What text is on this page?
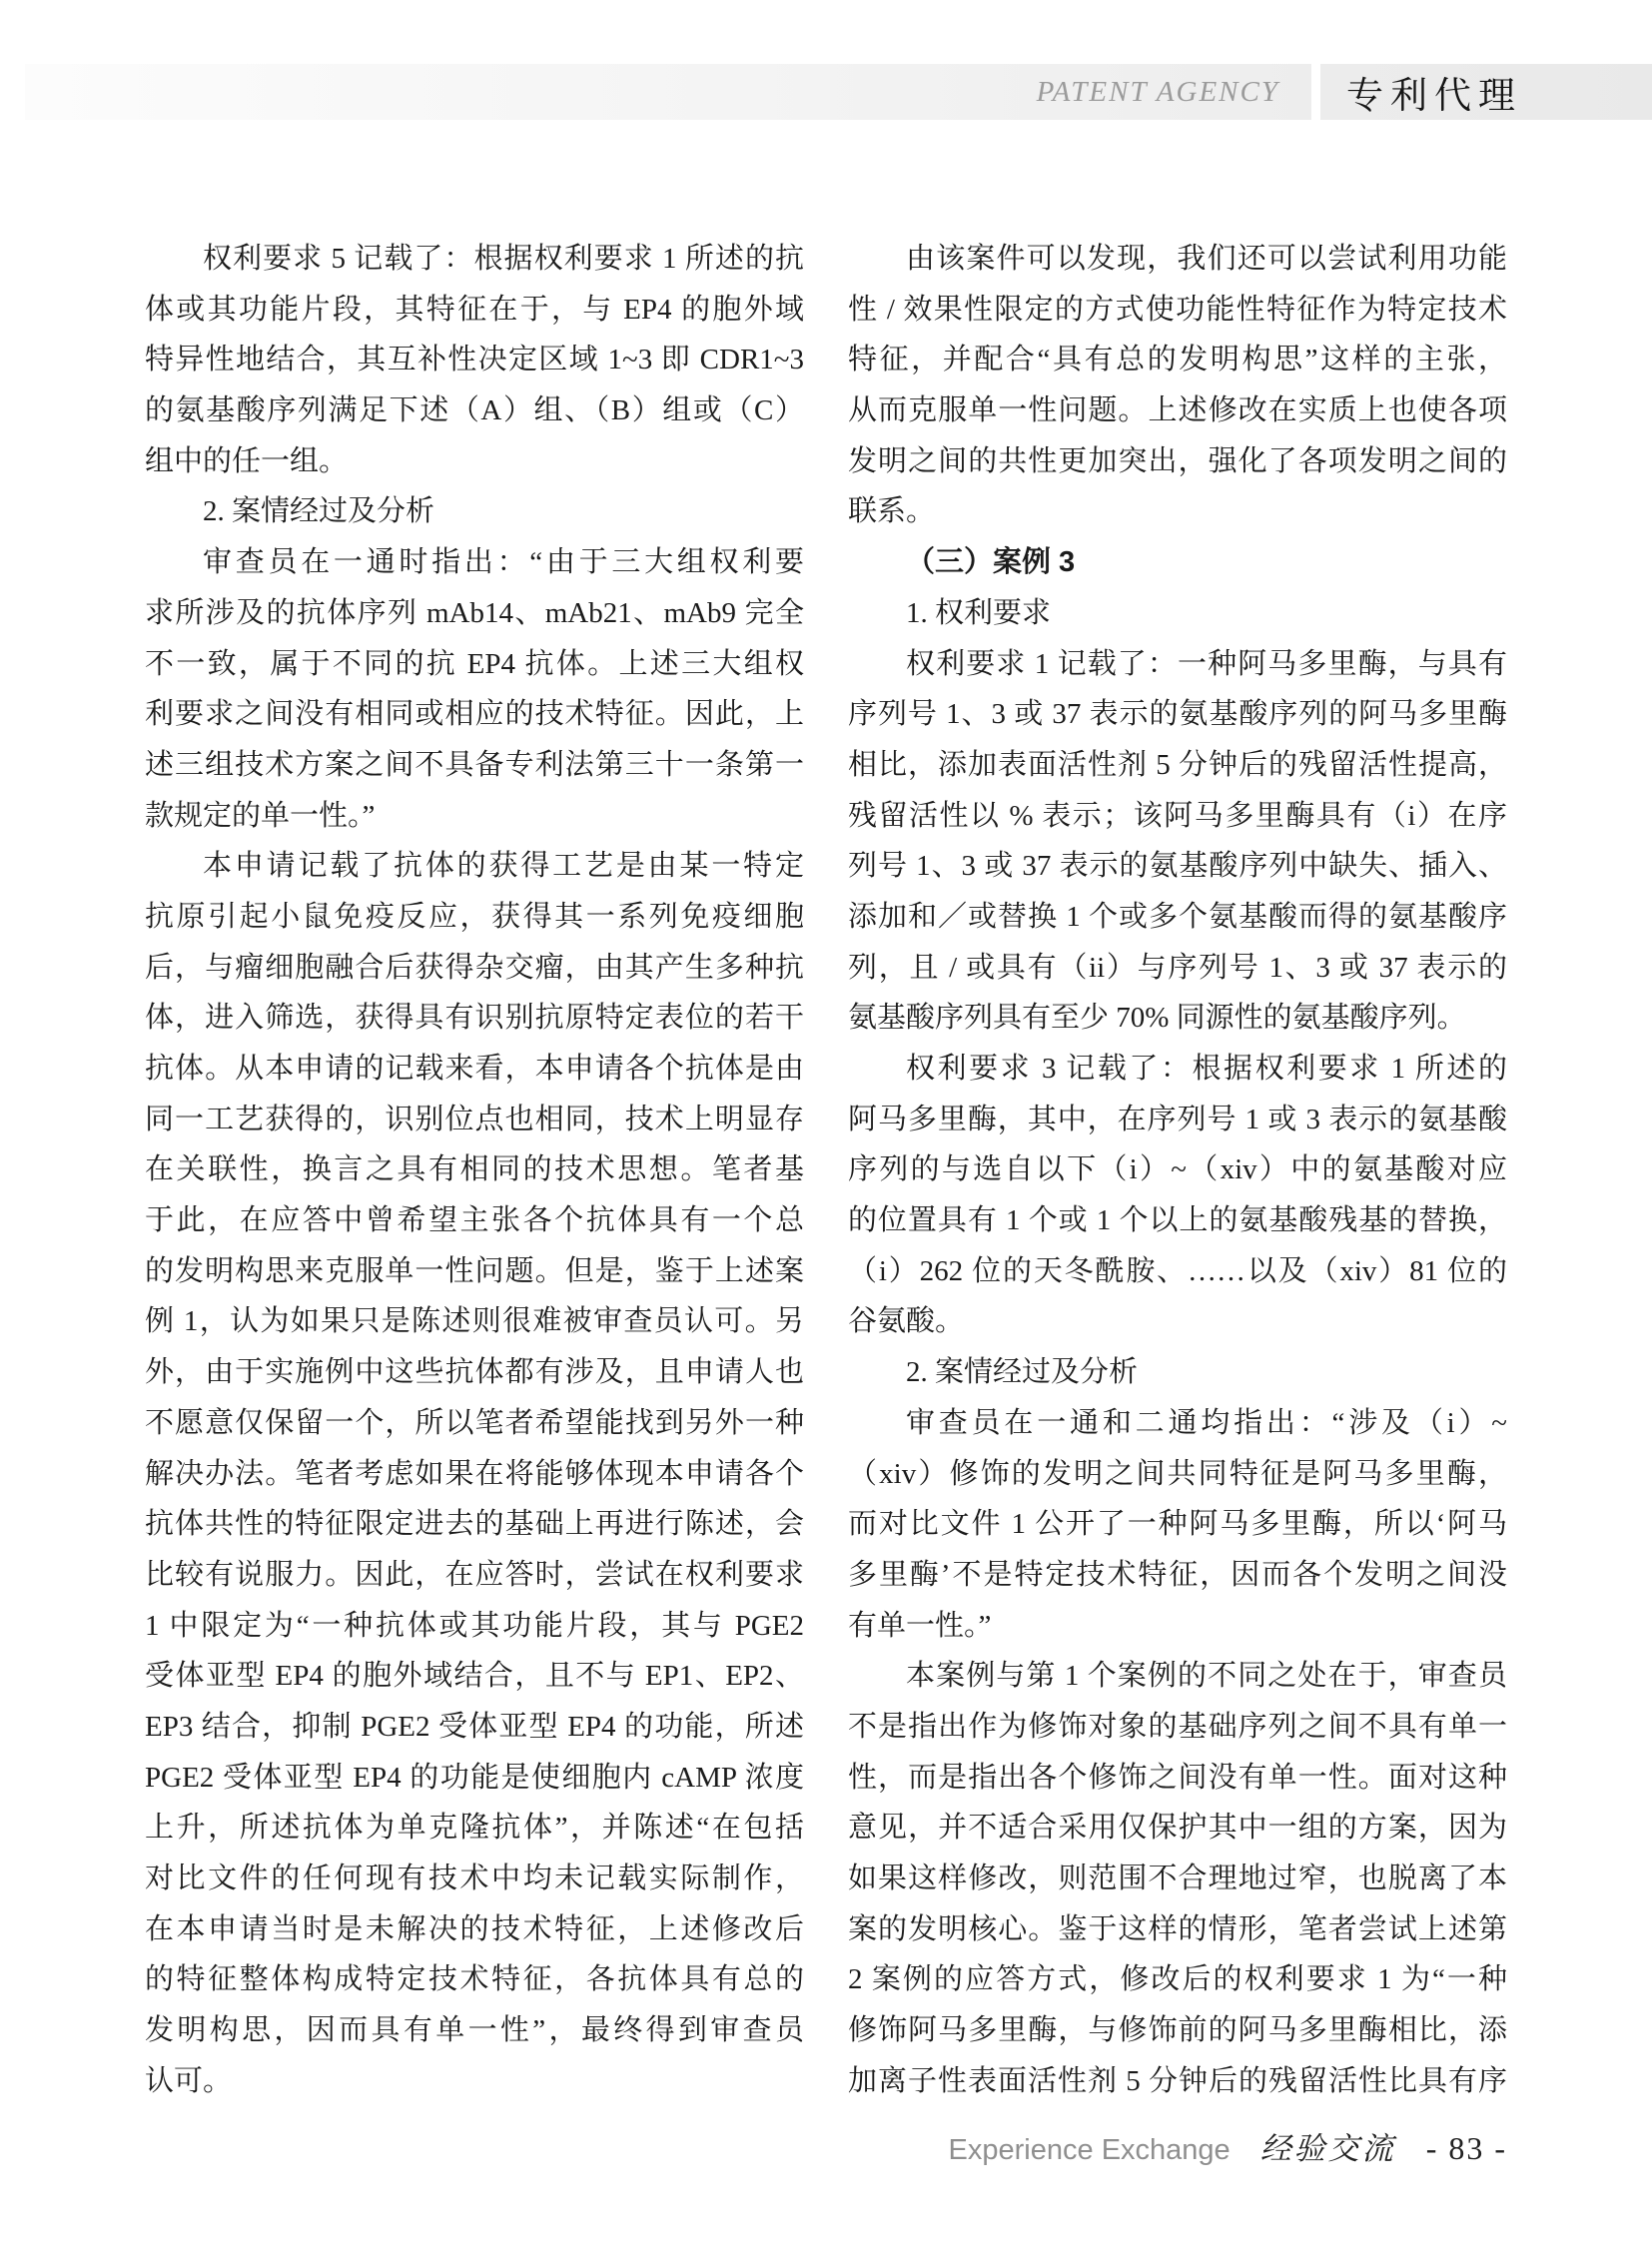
PATENT AGENCY 专利代理
权利要求 5 记载了：根据权利要求 1 所述的抗
体或其功能片段，其特征在于，与 EP4 的胞外域
特异性地结合，其互补性决定区域 1~3 即 CDR1~3
的氨基酸序列满足下述（A）组、（B）组或（C）
组中的任一组。
2. 案情经过及分析
审查员在一通时指出：“由于三大组权利要
求所涉及的抗体序列 mAb14、mAb21、mAb9 完全
不一致，属于不同的抗 EP4 抗体。上述三大组权
利要求之间没有相同或相应的技术特征。因此，上
述三组技术方案之间不具备专利法第三十一条第一
款规定的单一性。”
本申请记载了抗体的获得工艺是由某一特定
抗原引起小鼠免疫反应，获得其一系列免疫细胞
后，与瘤细胞融合后获得杂交瘤，由其产生多种抗
体，进入筛选，获得具有识别抗原特定表位的若干
抗体。从本申请的记载来看，本申请各个抗体是由
同一工艺获得的，识别位点也相同，技术上明显存
在关联性，换言之具有相同的技术思想。笔者基
于此，在应答中曾希望主张各个抗体具有一个总
的发明构思来克服单一性问题。但是，鉴于上述案
例 1，认为如果只是陈述则很难被审查员认可。另
外，由于实施例中这些抗体都有涉及，且申请人也
不愿意仅保留一个，所以笔者希望能找到另外一种
解决办法。笔者考虑如果在将能够体现本申请各个
抗体共性的特征限定进去的基础上再进行陈述，会
比较有说服力。因此，在应答时，尝试在权利要求
1 中限定为“一种抗体或其功能片段，其与 PGE2
受体亚型 EP4 的胞外域结合，且不与 EP1、EP2、
EP3 结合，抑制 PGE2 受体亚型 EP4 的功能，所述
PGE2 受体亚型 EP4 的功能是使细胞内 cAMP 浓度
上升，所述抗体为单克隆抗体”，并陈述“在包括
对比文件的任何现有技术中均未记载实际制作，
在本申请当时是未解决的技术特征，上述修改后
的特征整体构成特定技术特征，各抗体具有总的
发明构思，因而具有单一性”，最终得到审查员
认可。
由该案件可以发现，我们还可以尝试利用功能
性 / 效果性限定的方式使功能性特征作为特定技术
特征，并配合“具有总的发明构思”这样的主张，
从而克服单一性问题。上述修改在实质上也使各项
发明之间的共性更加突出，强化了各项发明之间的
联系。
（三）案例 3
1. 权利要求
权利要求 1 记载了：一种阿马多里酶，与具有
序列号 1、3 或 37 表示的氨基酸序列的阿马多里酶
相比，添加表面活性剂 5 分钟后的残留活性提高，
残留活性以 % 表示；该阿马多里酶具有（i）在序
列号 1、3 或 37 表示的氨基酸序列中缺失、插入、
添加和／或替换 1 个或多个氨基酸而得的氨基酸序
列，且 / 或具有（ii）与序列号 1、3 或 37 表示的
氨基酸序列具有至少 70% 同源性的氨基酸序列。
权利要求 3 记载了：根据权利要求 1 所述的
阿马多里酶，其中，在序列号 1 或 3 表示的氨基酸
序列的与选自以下（i）~（xiv）中的氨基酸对应
的位置具有 1 个或 1 个以上的氨基酸残基的替换，
（i）262 位的天冬酰胺、……以及（xiv）81 位的
谷氨酸。
2. 案情经过及分析
审查员在一通和二通均指出：“涉及（i）~
（xiv）修饰的发明之间共同特征是阿马多里酶，
而对比文件 1 公开了一种阿马多里酶，所以‘阿马
多里酶’不是特定技术特征，因而各个发明之间没
有单一性。”
本案例与第 1 个案例的不同之处在于，审查员
不是指出作为修饰对象的基础序列之间不具有单一
性，而是指出各个修饰之间没有单一性。面对这种
意见，并不适合采用仅保护其中一组的方案，因为
如果这样修改，则范围不合理地过窄，也脱离了本
案的发明核心。鉴于这样的情形，笔者尝试上述第
2 案例的应答方式，修改后的权利要求 1 为“一种
修饰阿马多里酶，与修饰前的阿马多里酶相比，添
加离子性表面活性剂 5 分钟后的残留活性比具有序
Experience Exchange 经验交流 - 83 -
